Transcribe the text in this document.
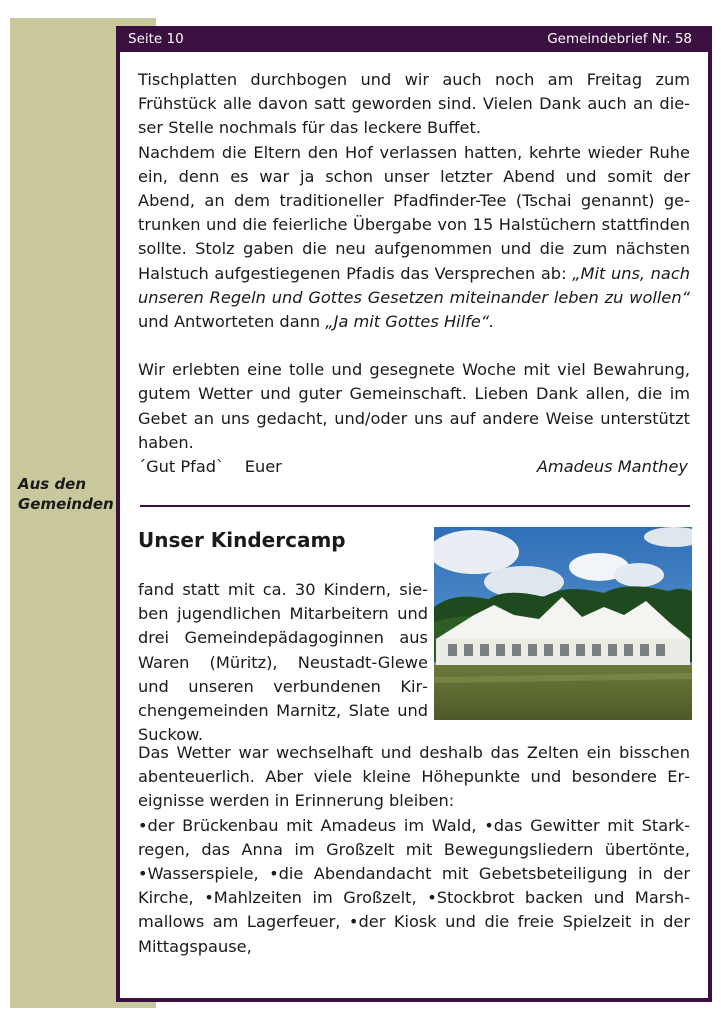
Aus den Gemeinden
Seite 10	Gemeindebrief Nr. 58
Tischplatten durchbogen und wir auch noch am Freitag zum Frühstück alle davon satt geworden sind. Vielen Dank auch an dieser Stelle nochmals für das leckere Buffet.
Nachdem die Eltern den Hof verlassen hatten, kehrte wieder Ruhe ein, denn es war ja schon unser letzter Abend und somit der Abend, an dem traditioneller Pfadfinder-Tee (Tschai genannt) getrunken und die feierliche Übergabe von 15 Halstüchern stattfinden sollte. Stolz gaben die neu aufgenommen und die zum nächsten Halstuch aufgestiegenen Pfadis das Versprechen ab: „Mit uns, nach unseren Regeln und Gottes Gesetzen miteinander leben zu wollen“ und Antworteten dann „Ja mit Gottes Hilfe“.
Wir erlebten eine tolle und gesegnete Woche mit viel Bewahrung, gutem Wetter und guter Gemeinschaft. Lieben Dank allen, die im Gebet an uns gedacht, und/oder uns auf andere Weise unterstützt haben.
´Gut Pfad`    Euer	Amadeus Manthey
Unser Kindercamp
fand statt mit ca. 30 Kindern, sieben jugendlichen Mitarbeitern und drei Gemeindepädagoginnen aus Waren (Müritz), Neustadt-Glewe und unseren verbundenen Kirchengemeinden Marnitz, Slate und Suckow.
Das Wetter war wechselhaft und deshalb das Zelten ein bisschen abenteuerlich. Aber viele kleine Höhepunkte und besondere Ereignisse werden in Erinnerung bleiben:
•der Brückenbau mit Amadeus im Wald, •das Gewitter mit Starkregen, das Anna im Großzelt mit Bewegungsliedern übertönte, •Wasserspiele, •die Abendandacht mit Gebetsbeteiligung in der Kirche, •Mahlzeiten im Großzelt, •Stockbrot backen und Marshmallows am Lagerfeuer, •der Kiosk und die freie Spielzeit in der Mittagspause,
